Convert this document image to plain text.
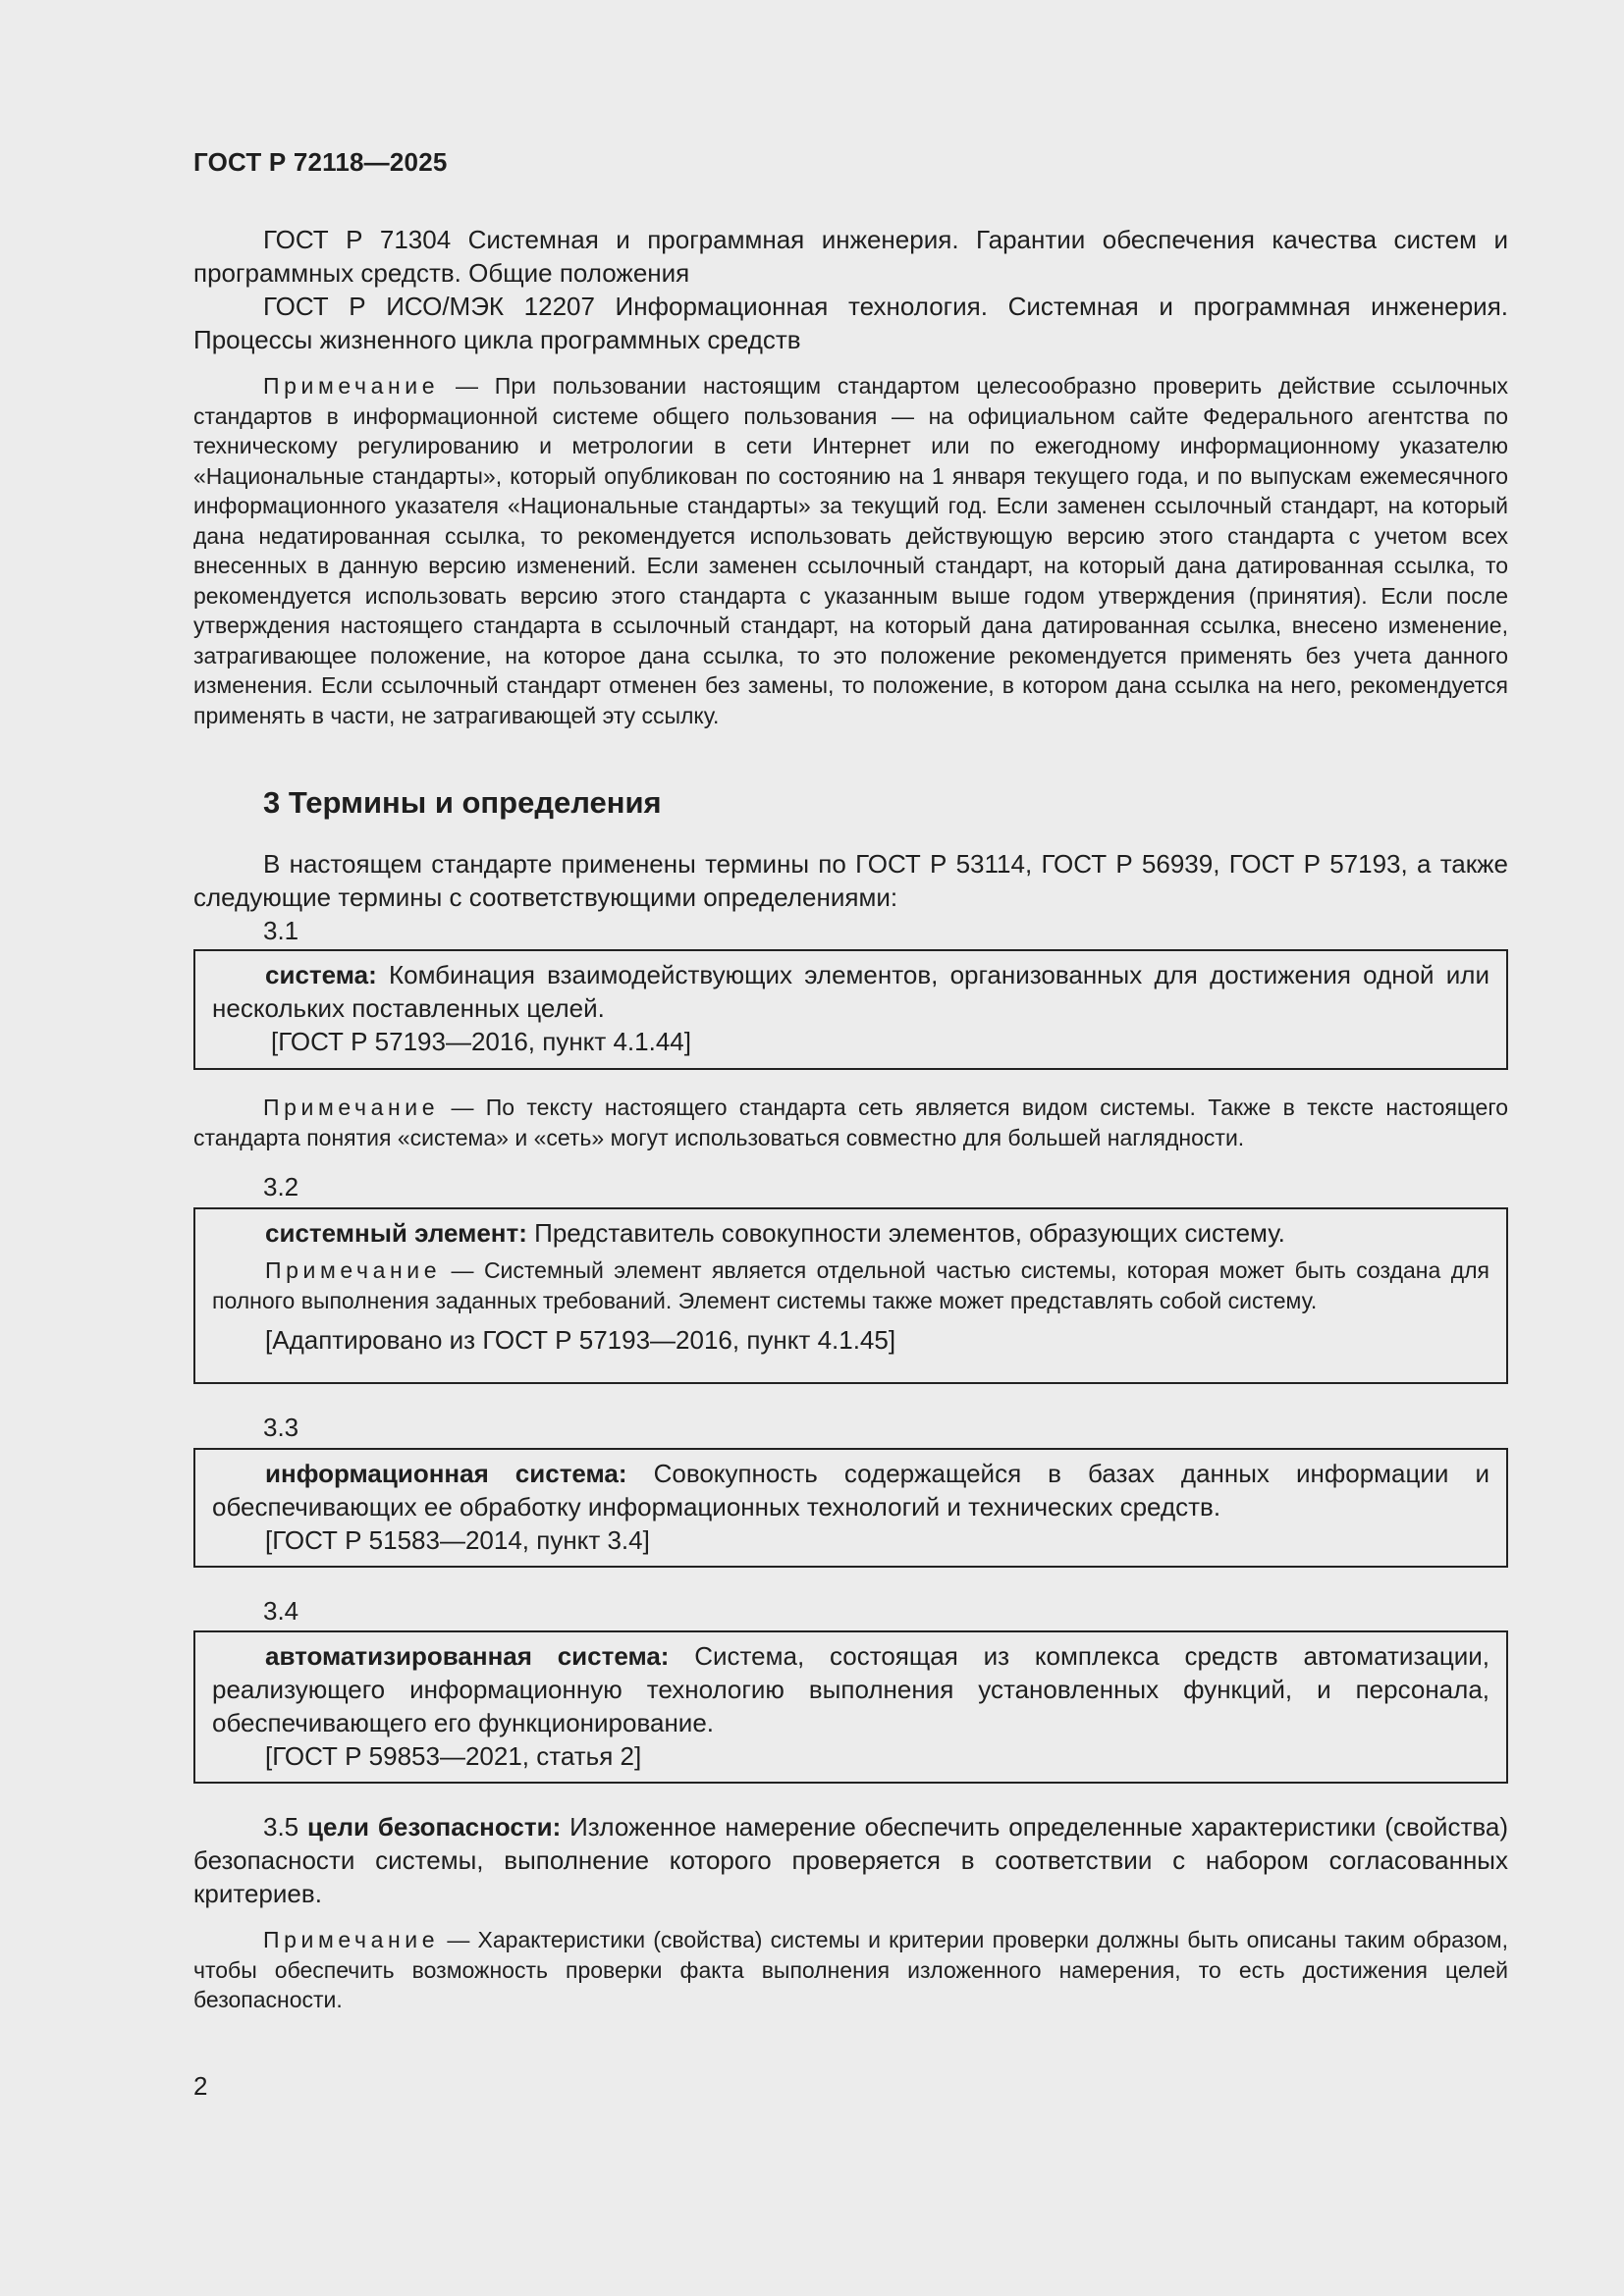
ГОСТ Р 72118—2025

ГОСТ Р 71304 Системная и программная инженерия. Гарантии обеспечения качества систем и программных средств. Общие положения

ГОСТ Р ИСО/МЭК 12207 Информационная технология. Системная и программная инженерия. Процессы жизненного цикла программных средств

Примечание — При пользовании настоящим стандартом целесообразно проверить действие ссылочных стандартов в информационной системе общего пользования — на официальном сайте Федерального агентства по техническому регулированию и метрологии в сети Интернет или по ежегодному информационному указателю «Национальные стандарты», который опубликован по состоянию на 1 января текущего года, и по выпускам ежемесячного информационного указателя «Национальные стандарты» за текущий год. Если заменен ссылочный стандарт, на который дана недатированная ссылка, то рекомендуется использовать действующую версию этого стандарта с учетом всех внесенных в данную версию изменений. Если заменен ссылочный стандарт, на который дана датированная ссылка, то рекомендуется использовать версию этого стандарта с указанным выше годом утверждения (принятия). Если после утверждения настоящего стандарта в ссылочный стандарт, на который дана датированная ссылка, внесено изменение, затрагивающее положение, на которое дана ссылка, то это положение рекомендуется применять без учета данного изменения. Если ссылочный стандарт отменен без замены, то положение, в котором дана ссылка на него, рекомендуется применять в части, не затрагивающей эту ссылку.

3 Термины и определения

В настоящем стандарте применены термины по ГОСТ Р 53114, ГОСТ Р 56939, ГОСТ Р 57193, а также следующие термины с соответствующими определениями:

3.1

система: Комбинация взаимодействующих элементов, организованных для достижения одной или нескольких поставленных целей.

[ГОСТ Р 57193—2016, пункт 4.1.44]

Примечание — По тексту настоящего стандарта сеть является видом системы. Также в тексте настоящего стандарта понятия «система» и «сеть» могут использоваться совместно для большей наглядности.

3.2

системный элемент: Представитель совокупности элементов, образующих систему.

Примечание — Системный элемент является отдельной частью системы, которая может быть создана для полного выполнения заданных требований. Элемент системы также может представлять собой систему.

[Адаптировано из ГОСТ Р 57193—2016, пункт 4.1.45]

3.3

информационная система: Совокупность содержащейся в базах данных информации и обеспечивающих ее обработку информационных технологий и технических средств.

[ГОСТ Р 51583—2014, пункт 3.4]

3.4

автоматизированная система: Система, состоящая из комплекса средств автоматизации, реализующего информационную технологию выполнения установленных функций, и персонала, обеспечивающего его функционирование.

[ГОСТ Р 59853—2021, статья 2]

3.5 цели безопасности: Изложенное намерение обеспечить определенные характеристики (свойства) безопасности системы, выполнение которого проверяется в соответствии с набором согласованных критериев.

Примечание — Характеристики (свойства) системы и критерии проверки должны быть описаны таким образом, чтобы обеспечить возможность проверки факта выполнения изложенного намерения, то есть достижения целей безопасности.

2
